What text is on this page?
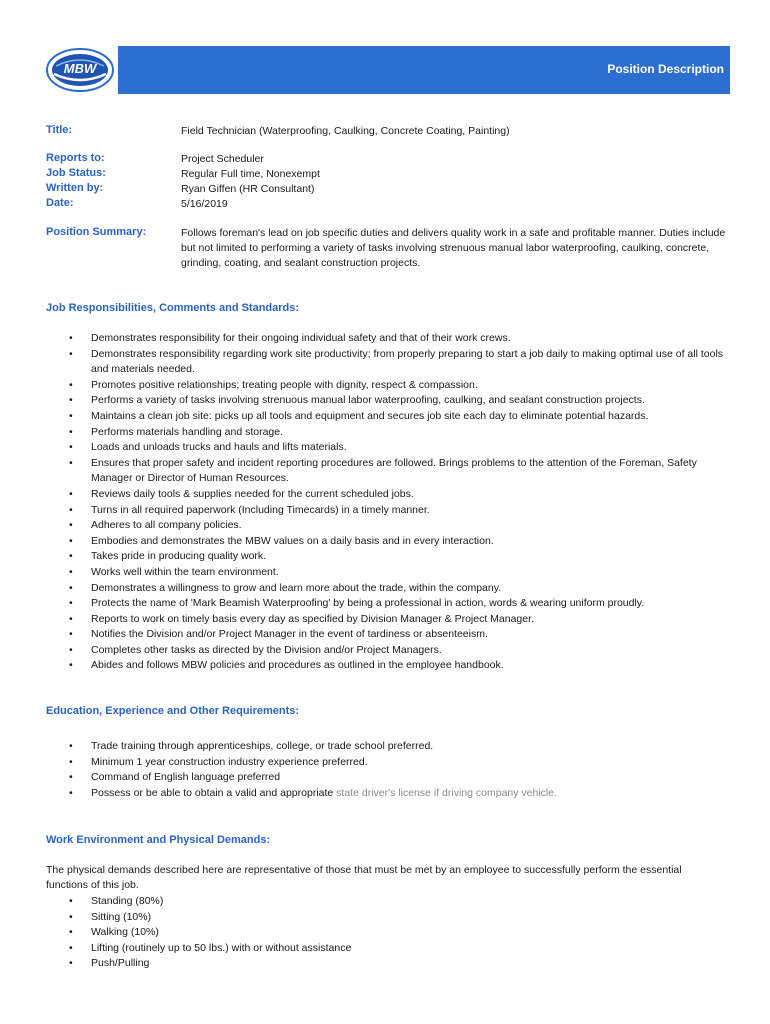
MBW	Position Description
Title:	Field Technician (Waterproofing, Caulking, Concrete Coating, Painting)
Reports to:	Project Scheduler
Job Status:	Regular Full time, Nonexempt
Written by:	Ryan Giffen (HR Consultant)
Date:	5/16/2019
Position Summary:	Follows foreman's lead on job specific duties and delivers quality work in a safe and profitable manner. Duties include but not limited to performing a variety of tasks involving strenuous manual labor waterproofing, caulking, concrete, grinding, coating, and sealant construction projects.
Job Responsibilities, Comments and Standards:
• Demonstrates responsibility for their ongoing individual safety and that of their work crews.
• Demonstrates responsibility regarding work site productivity; from properly preparing to start a job daily to making optimal use of all tools and materials needed.
• Promotes positive relationships; treating people with dignity, respect & compassion.
• Performs a variety of tasks involving strenuous manual labor waterproofing, caulking, and sealant construction projects.
• Maintains a clean job site: picks up all tools and equipment and secures job site each day to eliminate potential hazards.
• Performs materials handling and storage.
• Loads and unloads trucks and hauls and lifts materials.
• Ensures that proper safety and incident reporting procedures are followed. Brings problems to the attention of the Foreman, Safety Manager or Director of Human Resources.
• Reviews daily tools & supplies needed for the current scheduled jobs.
• Turns in all required paperwork (Including Timecards) in a timely manner.
• Adheres to all company policies.
• Embodies and demonstrates the MBW values on a daily basis and in every interaction.
• Takes pride in producing quality work.
• Works well within the team environment.
• Demonstrates a willingness to grow and learn more about the trade, within the company.
• Protects the name of 'Mark Beamish Waterproofing' by being a professional in action, words & wearing uniform proudly.
• Reports to work on timely basis every day as specified by Division Manager & Project Manager.
• Notifies the Division and/or Project Manager in the event of tardiness or absenteeism.
• Completes other tasks as directed by the Division and/or Project Managers.
• Abides and follows MBW policies and procedures as outlined in the employee handbook.
Education, Experience and Other Requirements:
• Trade training through apprenticeships, college, or trade school preferred.
• Minimum 1 year construction industry experience preferred.
• Command of English language preferred
• Possess or be able to obtain a valid and appropriate state driver's license if driving company vehicle.
Work Environment and Physical Demands:
The physical demands described here are representative of those that must be met by an employee to successfully perform the essential functions of this job.
• Standing (80%)
• Sitting (10%)
• Walking (10%)
• Lifting (routinely up to 50 lbs.) with or without assistance
• Push/Pulling
